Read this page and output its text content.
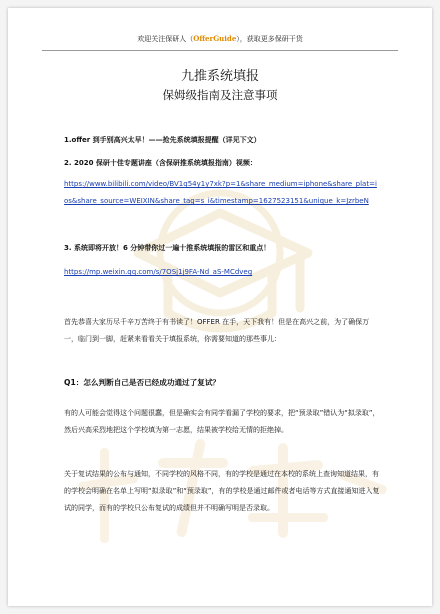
欢迎关注保研人（OfferGuide），获取更多保研干货
九推系统填报
保姆级指南及注意事项
1.offer 到手别高兴太早！——抢先系统填报提醒（详见下文）
2. 2020 保研十佳专题讲座（含保研推系统填报指南）视频：
https://www.bilibili.com/video/BV1q54y1y7xk?p=1&share_medium=iphone&share_plat=ios&share_source=WEIXIN&share_tag=s_i&timestamp=1627523151&unique_k=JzrbeN
3. 系统即将开放！6 分钟带你过一遍十推系统填报的雷区和重点！
https://mp.weixin.qq.com/s/7OSj1j9FA-Nd_aS-MCdveg
首先恭喜大家历尽千辛万苦终于有书读了！OFFER 在手，天下我有！但是在高兴之前，为了确保万一，临门到一脚，赶紧来看看关于填报系统，你需要知道的那些事儿：
Q1：怎么判断自己是否已经成功通过了复试？
有的人可能会觉得这个问题很蠢，但是确实会有同学看漏了学校的要求，把“预录取”错认为“拟录取”，然后兴高采烈地把这个学校填为第一志愿，结果被学校给无情的拒绝掉。
关于复试结果的公布与通知，不同学校的风格不同，有的学校是通过在本校的系统上查询知道结果，有的学校会明确在名单上写明“拟录取”和“预录取”，有的学校是通过邮件或者电话等方式直接通知进入复试的同学，而有的学校只公布复试的成绩但并不明确写明是否录取。
